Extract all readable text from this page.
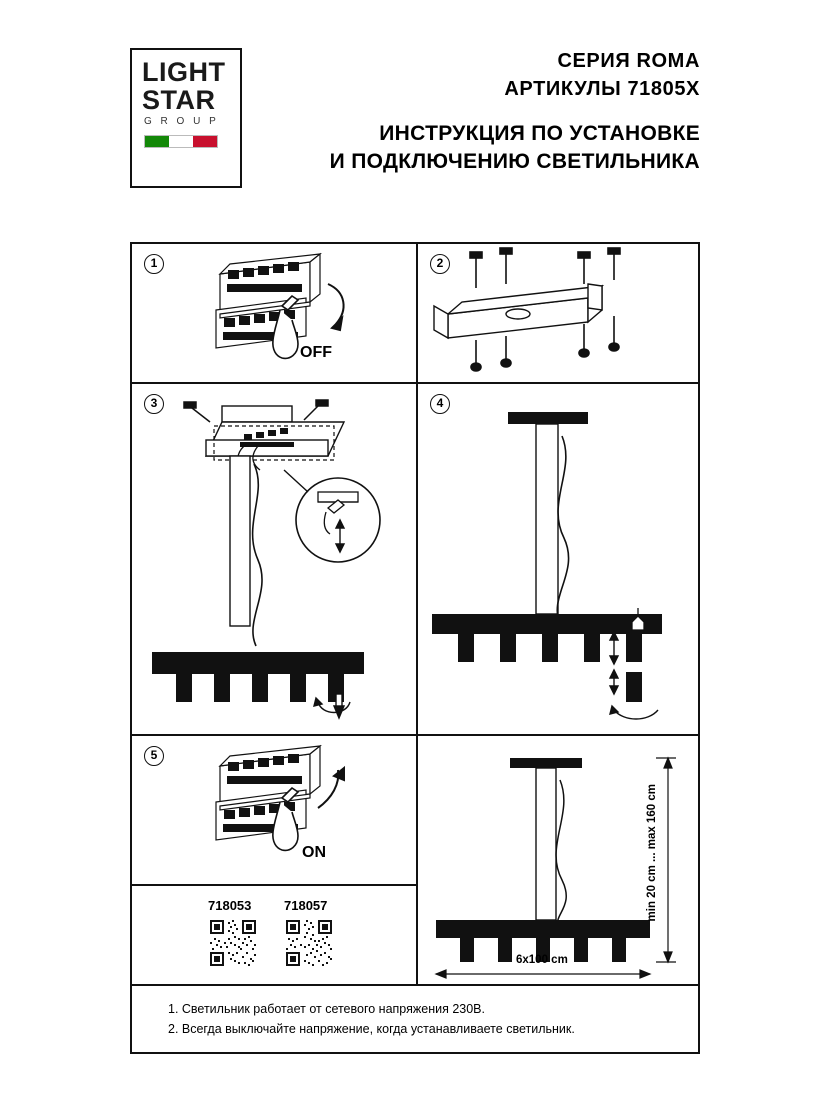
LIGHT
STAR
G R O U P
СЕРИЯ ROMA
АРТИКУЛЫ 71805X
ИНСТРУКЦИЯ ПО УСТАНОВКЕ
И ПОДКЛЮЧЕНИЮ СВЕТИЛЬНИКА
1
OFF
2
3	4
5
ON
718053	718057
6x100 cm
min 20 cm ... max 160 cm
1. Светильник работает от сетевого напряжения 230В.
2. Всегда выключайте напряжение, когда устанавливаете светильник.
